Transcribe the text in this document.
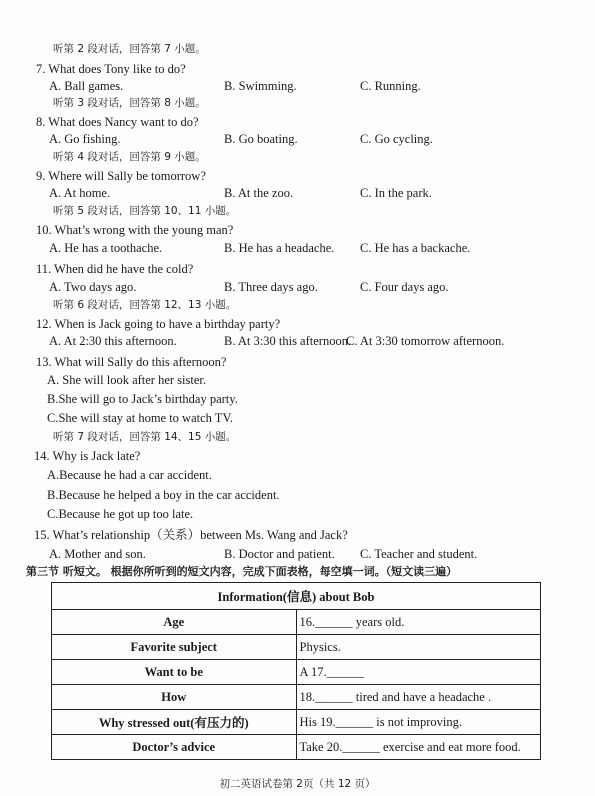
听第 2 段对话，回答第 7 小题。
7. What does Tony like to do?
A. Ball games.	B. Swimming.	C. Running.
听第 3 段对话，回答第 8 小题。
8. What does Nancy want to do?
A. Go fishing.	B. Go boating.	C. Go cycling.
听第 4 段对话，回答第 9 小题。
9. Where will Sally be tomorrow?
A. At home.	B. At the zoo.	C. In the park.
听第 5 段对话，回答第 10、11 小题。
10. What’s wrong with the young man?
A. He has a toothache.	B. He has a headache. C. He has a backache.
11. When did he have the cold?
A. Two days ago.	B. Three days ago.	C. Four days ago.
听第 6 段对话，回答第 12、13 小题。
12. When is Jack going to have a birthday party?
A. At 2:30 this afternoon.	B. At 3:30 this afternoon.
C. At 3:30 tomorrow afternoon.
13. What will Sally do this afternoon?
A. She will look after her sister.
B.She will go to Jack’s birthday party.
C.She will stay at home to watch TV.
听第 7 段对话，回答第 14、15 小题。
14. Why is Jack late?
A.Because he had a car accident.
B.Because he helped a boy in the car accident.
C.Because he got up too late.
15. What’s relationship（关系）between Ms. Wang and Jack?
A. Mother and son.	B. Doctor and patient. C. Teacher and student.
第三节 听短文。 根据你所听到的短文内容，完成下面表格，每空填一词。（短文读三遍）
Information(信息) about Bob	
Age	16.______ years old.
Favorite subject	Physics.
Want to be	A 17.______
How	18.______ tired and have a headache .
Why stressed out(有压力的)	His 19.______ is not improving.
Doctor’s advice	Take 20.______ exercise and eat more food.
初二英语试卷第 2页（共 12 页）
